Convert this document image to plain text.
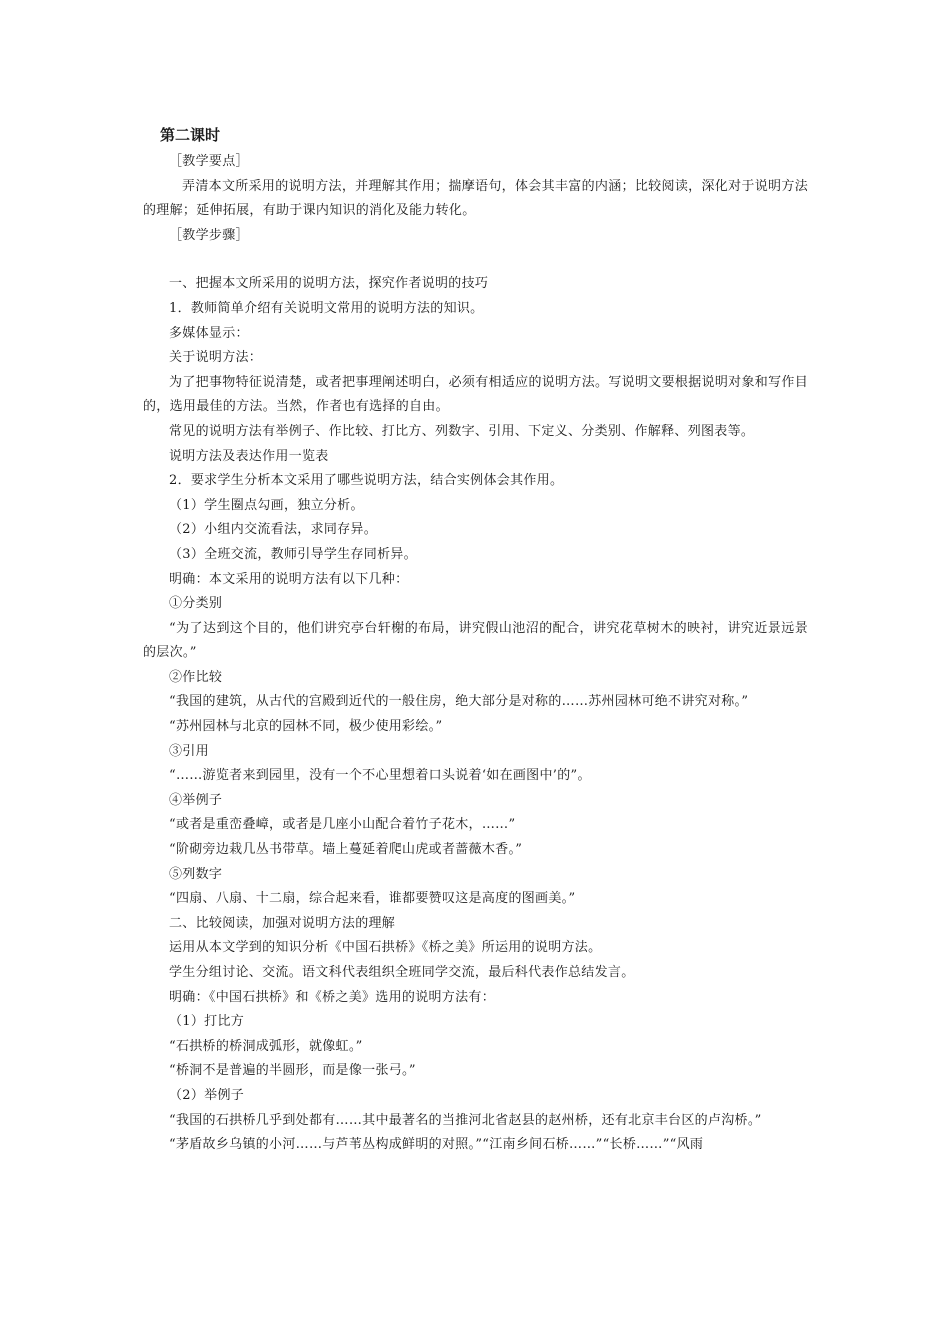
第二课时
［教学要点］
弄清本文所采用的说明方法，并理解其作用；揣摩语句，体会其丰富的内涵；比较阅读，深化对于说明方法的理解；延伸拓展，有助于课内知识的消化及能力转化。
［教学步骤］
一、把握本文所采用的说明方法，探究作者说明的技巧
1．教师简单介绍有关说明文常用的说明方法的知识。
多媒体显示：
关于说明方法：
为了把事物特征说清楚，或者把事理阐述明白，必须有相适应的说明方法。写说明文要根据说明对象和写作目的，选用最佳的方法。当然，作者也有选择的自由。
常见的说明方法有举例子、作比较、打比方、列数字、引用、下定义、分类别、作解释、列图表等。
说明方法及表达作用一览表
2．要求学生分析本文采用了哪些说明方法，结合实例体会其作用。
（1）学生圈点勾画，独立分析。
（2）小组内交流看法，求同存异。
（3）全班交流，教师引导学生存同析异。
明确：本文采用的说明方法有以下几种：
①分类别
“为了达到这个目的，他们讲究亭台轩榭的布局，讲究假山池沼的配合，讲究花草树木的映衬，讲究近景远景的层次。”
②作比较
“我国的建筑，从古代的宫殿到近代的一般住房，绝大部分是对称的……苏州园林可绝不讲究对称。”
“苏州园林与北京的园林不同，极少使用彩绘。”
③引用
“……游览者来到园里，没有一个不心里想着口头说着‘如在画图中’的”。
④举例子
“或者是重峦叠嶂，或者是几座小山配合着竹子花木，……”
“阶砌旁边栽几丛书带草。墙上蔓延着爬山虎或者蔷薇木香。”
⑤列数字
“四扇、八扇、十二扇，综合起来看，谁都要赞叹这是高度的图画美。”
二、比较阅读，加强对说明方法的理解
运用从本文学到的知识分析《中国石拱桥》《桥之美》所运用的说明方法。
学生分组讨论、交流。语文科代表组织全班同学交流，最后科代表作总结发言。
明确：《中国石拱桥》和《桥之美》选用的说明方法有：
（1）打比方
“石拱桥的桥洞成弧形，就像虹。”
“桥洞不是普遍的半圆形，而是像一张弓。”
（2）举例子
“我国的石拱桥几乎到处都有……其中最著名的当推河北省赵县的赵州桥，还有北京丰台区的卢沟桥。”
“茅盾故乡乌镇的小河……与芦苇丛构成鲜明的对照。”“江南乡间石桥……”“长桥……”“风雨
